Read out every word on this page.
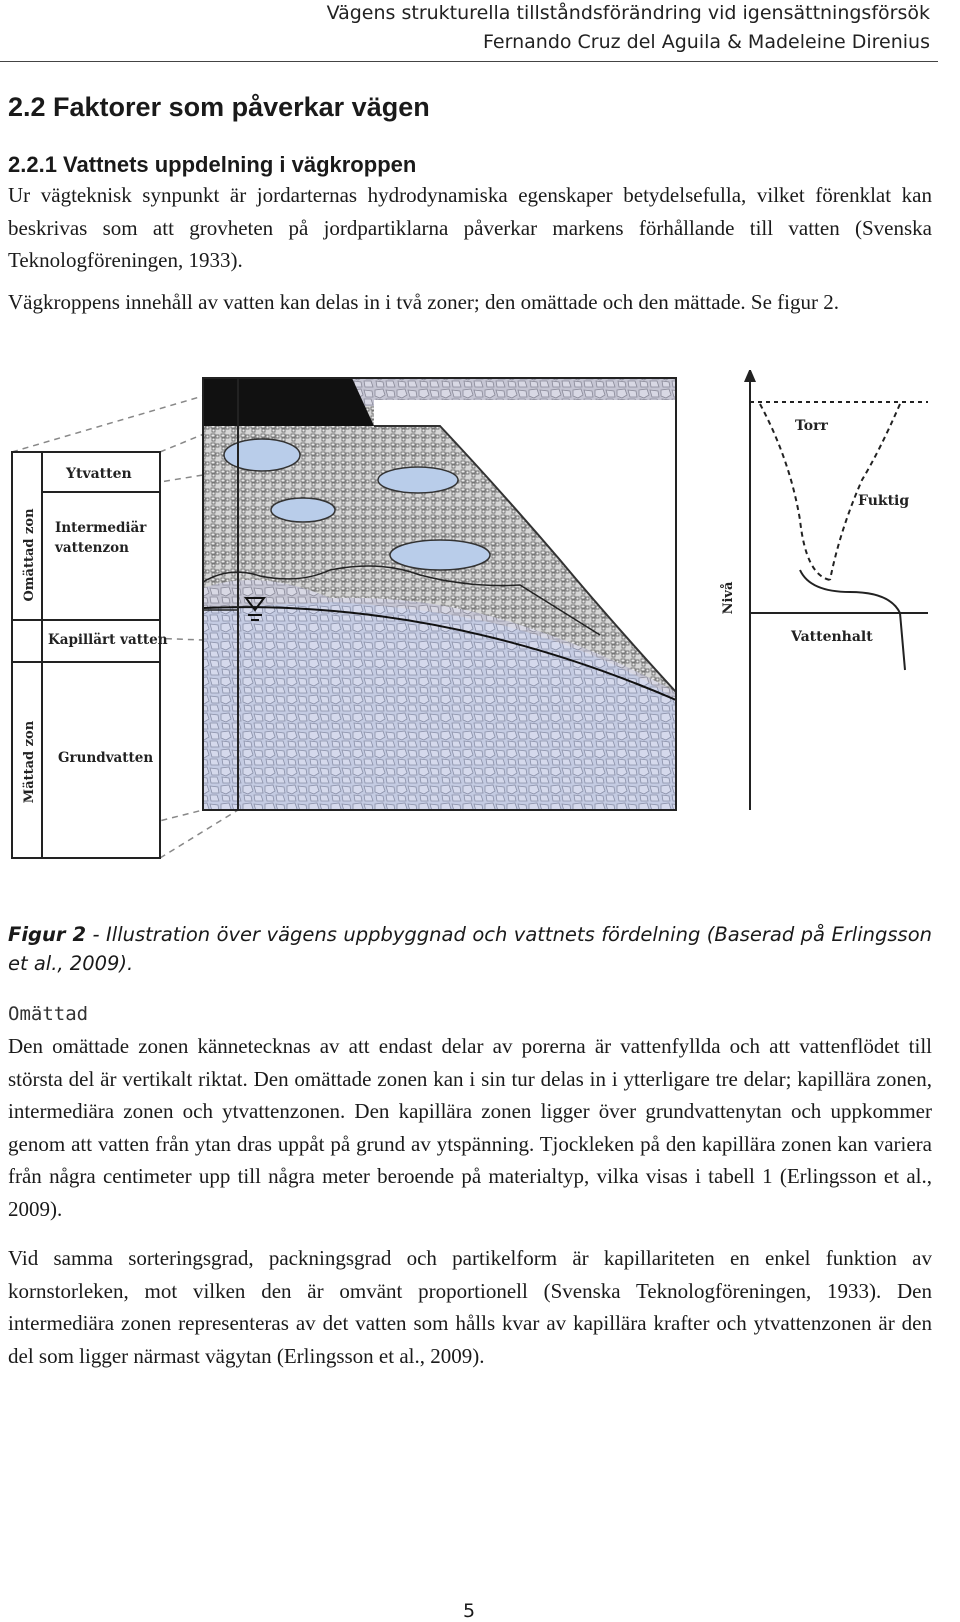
Vägens strukturella tillståndsförändring vid igensättningsförsök
Fernando Cruz del Aguila & Madeleine Direnius
2.2 Faktorer som påverkar vägen
2.2.1 Vattnets uppdelning i vägkroppen

Ur vägteknisk synpunkt är jordarternas hydrodynamiska egenskaper betydelsefulla, vilket förenklat kan beskrivas som att grovheten på jordpartiklarna påverkar markens förhållande till vatten (Svenska Teknologföreningen, 1933).

Vägkroppens innehåll av vatten kan delas in i två zoner; den omättade och den mättade. Se figur 2.

Omättad zon
Mättad zon
Ytvatten
Intermediär
vattenzon
Kapillärt vatten
Grundvatten
Torr
Fuktig
Vattenhalt
Nivå

Figur 2 - Illustration över vägens uppbyggnad och vattnets fördelning (Baserad på Erlingsson et al., 2009).

Omättad

Den omättade zonen kännetecknas av att endast delar av porerna är vattenfyllda och att vattenflödet till största del är vertikalt riktat. Den omättade zonen kan i sin tur delas in i ytterligare tre delar; kapillära zonen, intermediära zonen och ytvattenzonen. Den kapillära zonen ligger över grundvattenytan och uppkommer genom att vatten från ytan dras uppåt på grund av ytspänning. Tjockleken på den kapillära zonen kan variera från några centimeter upp till några meter beroende på materialtyp, vilka visas i tabell 1 (Erlingsson et al., 2009).

Vid samma sorteringsgrad, packningsgrad och partikelform är kapillariteten en enkel funktion av kornstorleken, mot vilken den är omvänt proportionell (Svenska Teknologföreningen, 1933). Den intermediära zonen representeras av det vatten som hålls kvar av kapillära krafter och ytvattenzonen är den del som ligger närmast vägytan (Erlingsson et al., 2009).

5
